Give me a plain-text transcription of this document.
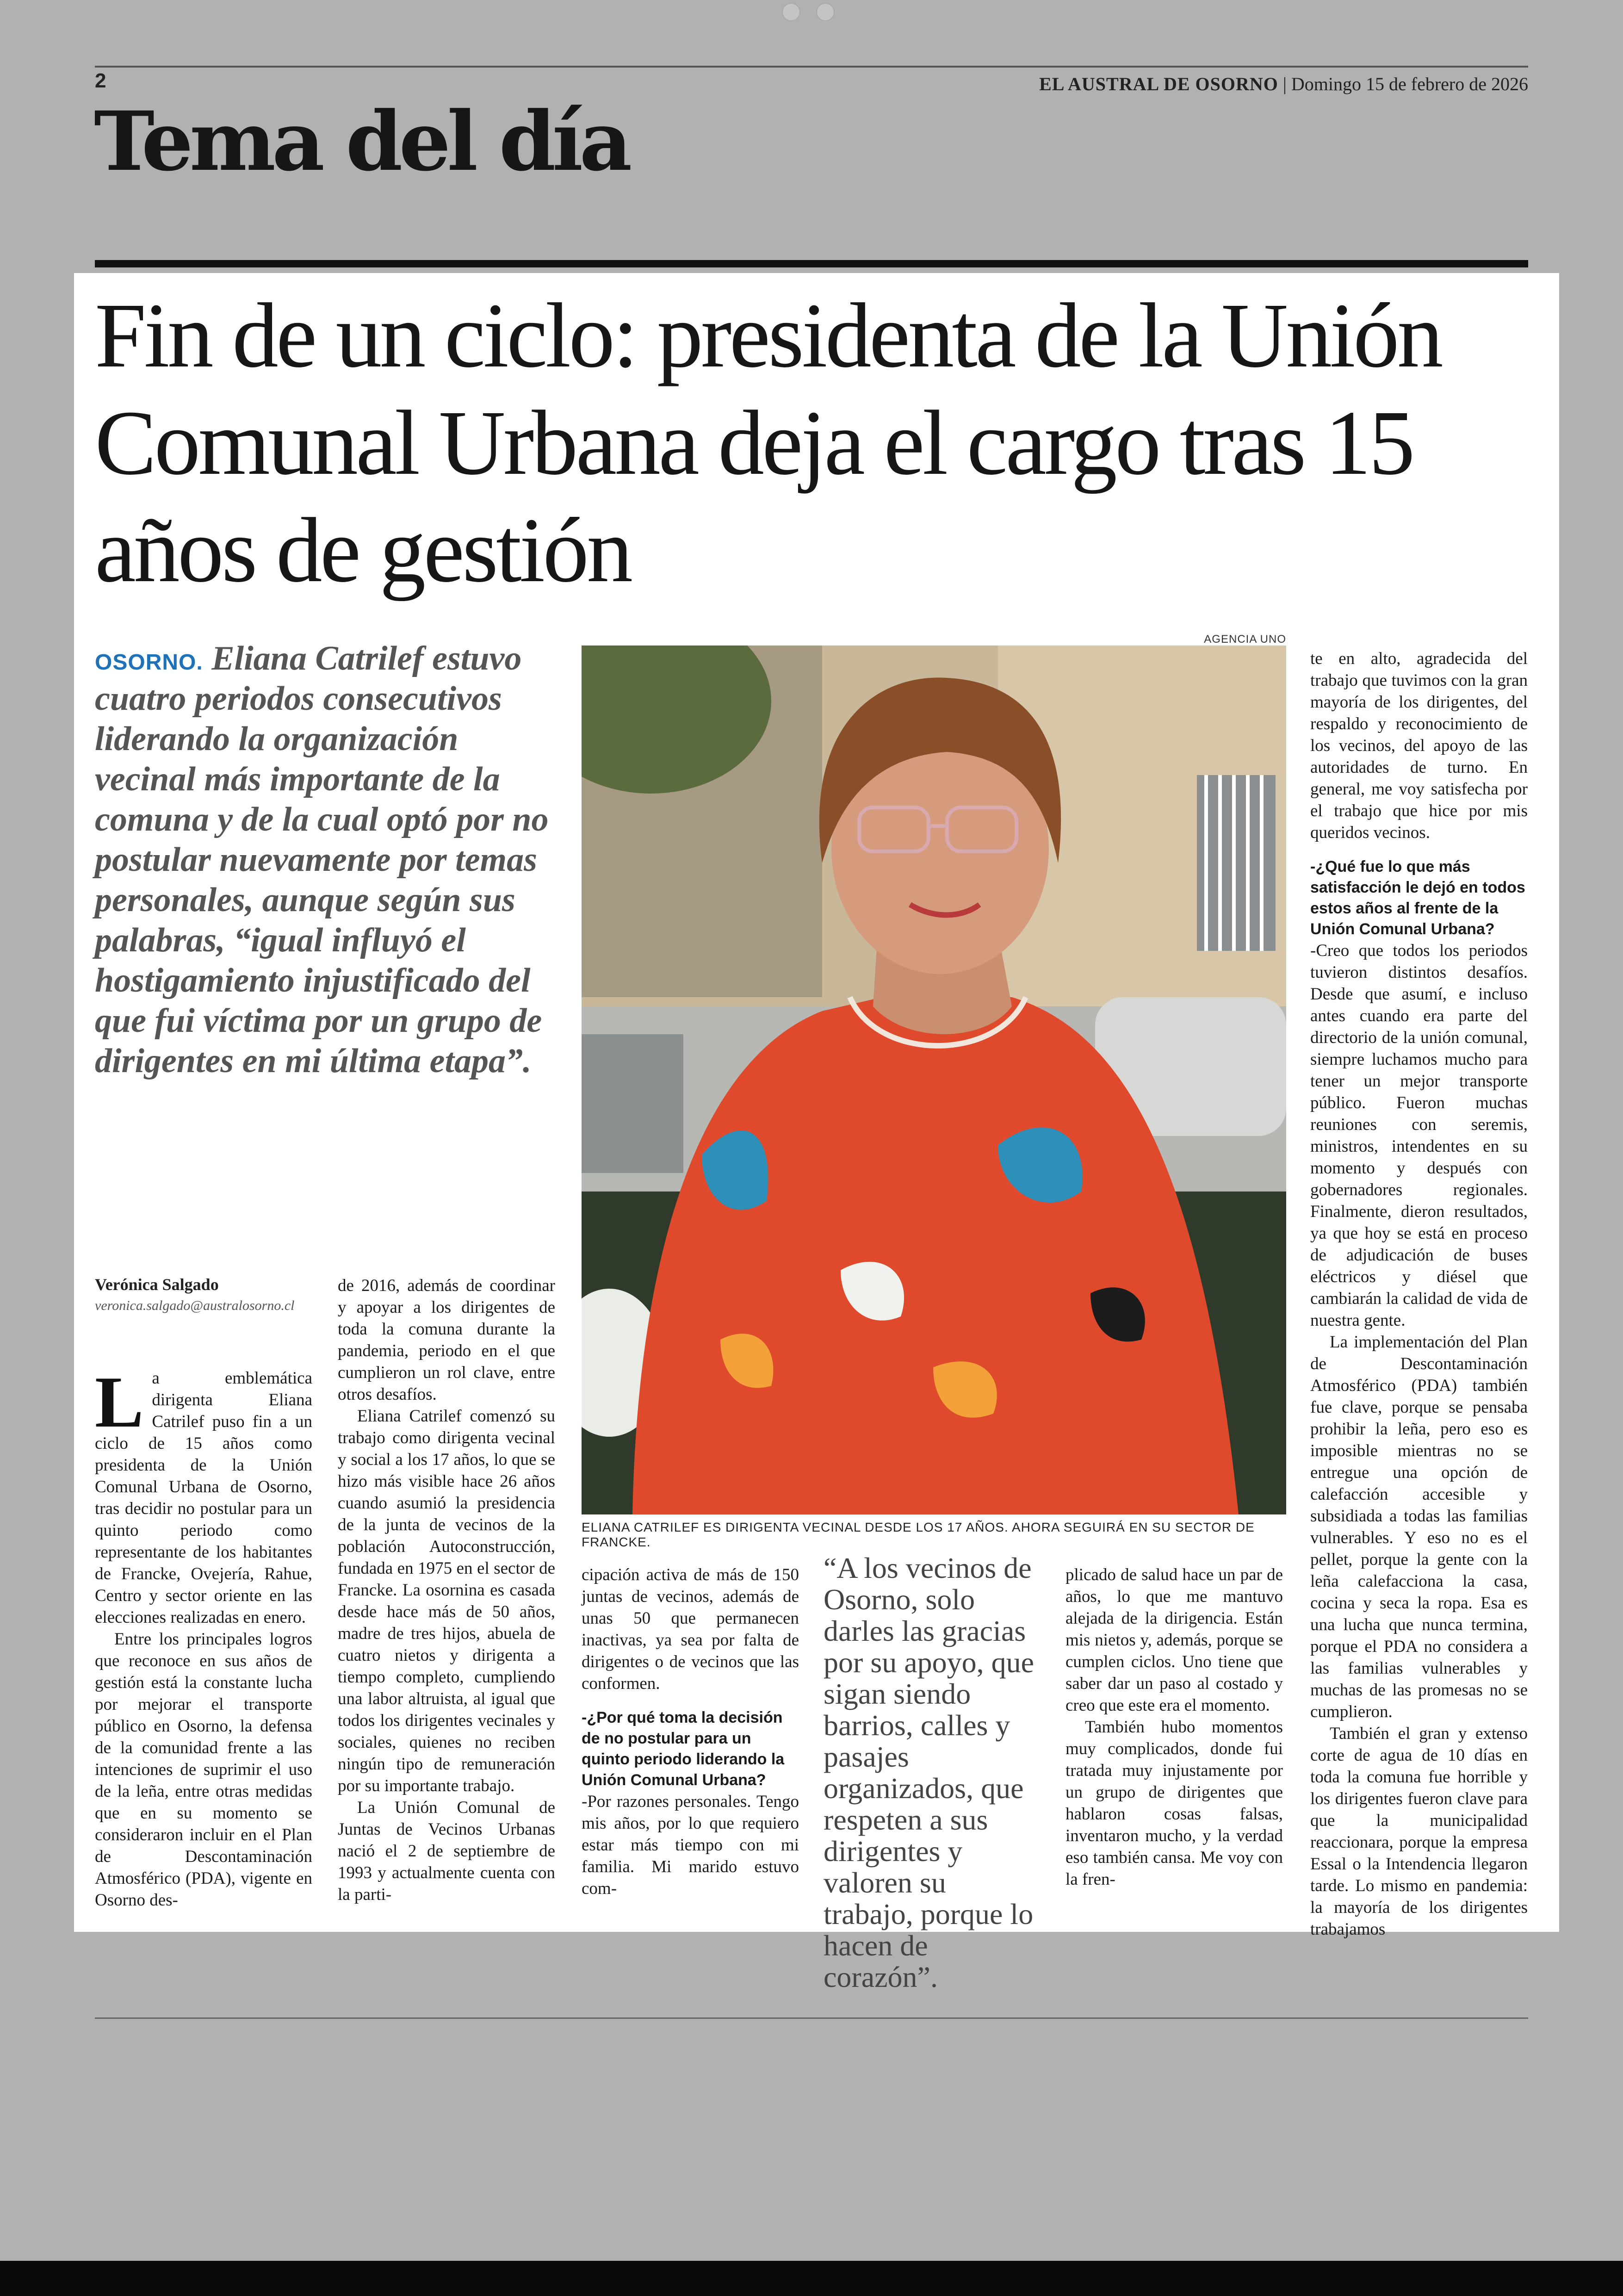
2	EL AUSTRAL DE OSORNO | Domingo 15 de febrero de 2026
Tema del día
Fin de un ciclo: presidenta de la Unión Comunal Urbana deja el cargo tras 15 años de gestión
OSORNO. Eliana Catrilef estuvo cuatro periodos consecutivos liderando la organización vecinal más importante de la comuna y de la cual optó por no postular nuevamente por temas personales, aunque según sus palabras, “igual influyó el hostigamiento injustificado del que fui víctima por un grupo de dirigentes en mi última etapa”.
AGENCIA UNO
ELIANA CATRILEF ES DIRIGENTA VECINAL DESDE LOS 17 AÑOS. AHORA SEGUIRÁ EN SU SECTOR DE FRANCKE.
Verónica Salgado
veronica.salgado@australosorno.cl

La emblemática dirigenta Eliana Catrilef puso fin a un ciclo de 15 años como presidenta de la Unión Comunal Urbana de Osorno, tras decidir no postular para un quinto periodo como representante de los habitantes de Francke, Ovejería, Rahue, Centro y sector oriente en las elecciones realizadas en enero.

Entre los principales logros que reconoce en sus años de gestión está la constante lucha por mejorar el transporte público en Osorno, la defensa de la comunidad frente a las intenciones de suprimir el uso de la leña, entre otras medidas que en su momento se consideraron incluir en el Plan de Descontaminación Atmosférico (PDA), vigente en Osorno des-

de 2016, además de coordinar y apoyar a los dirigentes de toda la comuna durante la pandemia, periodo en el que cumplieron un rol clave, entre otros desafíos.

Eliana Catrilef comenzó su trabajo como dirigenta vecinal y social a los 17 años, lo que se hizo más visible hace 26 años cuando asumió la presidencia de la junta de vecinos de la población Autoconstrucción, fundada en 1975 en el sector de Francke. La osornina es casada desde hace más de 50 años, madre de tres hijos, abuela de cuatro nietos y dirigenta a tiempo completo, cumpliendo una labor altruista, al igual que todos los dirigentes vecinales y sociales, quienes no reciben ningún tipo de remuneración por su importante trabajo.

La Unión Comunal de Juntas de Vecinos Urbanas nació el 2 de septiembre de 1993 y actualmente cuenta con la parti-

cipación activa de más de 150 juntas de vecinos, además de unas 50 que permanecen inactivas, ya sea por falta de dirigentes o de vecinos que las conformen.

-¿Por qué toma la decisión de no postular para un quinto periodo liderando la Unión Comunal Urbana?

-Por razones personales. Tengo mis años, por lo que requiero estar más tiempo con mi familia. Mi marido estuvo com-

“A los vecinos de Osorno, solo darles las gracias por su apoyo, que sigan siendo barrios, calles y pasajes organizados, que respeten a sus dirigentes y valoren su trabajo, porque lo hacen de corazón”.

plicado de salud hace un par de años, lo que me mantuvo alejada de la dirigencia. Están mis nietos y, además, porque se cumplen ciclos. Uno tiene que saber dar un paso al costado y creo que este era el momento.

También hubo momentos muy complicados, donde fui tratada muy injustamente por un grupo de dirigentes que hablaron cosas falsas, inventaron mucho, y la verdad eso también cansa. Me voy con la fren-

te en alto, agradecida del trabajo que tuvimos con la gran mayoría de los dirigentes, del respaldo y reconocimiento de los vecinos, del apoyo de las autoridades de turno. En general, me voy satisfecha por el trabajo que hice por mis queridos vecinos.

-¿Qué fue lo que más satisfacción le dejó en todos estos años al frente de la Unión Comunal Urbana?

-Creo que todos los periodos tuvieron distintos desafíos. Desde que asumí, e incluso antes cuando era parte del directorio de la unión comunal, siempre luchamos mucho para tener un mejor transporte público. Fueron muchas reuniones con seremis, ministros, intendentes en su momento y después con gobernadores regionales. Finalmente, dieron resultados, ya que hoy se está en proceso de adjudicación de buses eléctricos y diésel que cambiarán la calidad de vida de nuestra gente.

La implementación del Plan de Descontaminación Atmosférico (PDA) también fue clave, porque se pensaba prohibir la leña, pero eso es imposible mientras no se entregue una opción de calefacción accesible y subsidiada a todas las familias vulnerables. Y eso no es el pellet, porque la gente con la leña calefacciona la casa, cocina y seca la ropa. Esa es una lucha que nunca termina, porque el PDA no considera a las familias vulnerables y muchas de las promesas no se cumplieron.

También el gran y extenso corte de agua de 10 días en toda la comuna fue horrible y los dirigentes fueron clave para que la municipalidad reaccionara, porque la empresa Essal o la Intendencia llegaron tarde. Lo mismo en pandemia: la mayoría de los dirigentes trabajamos
